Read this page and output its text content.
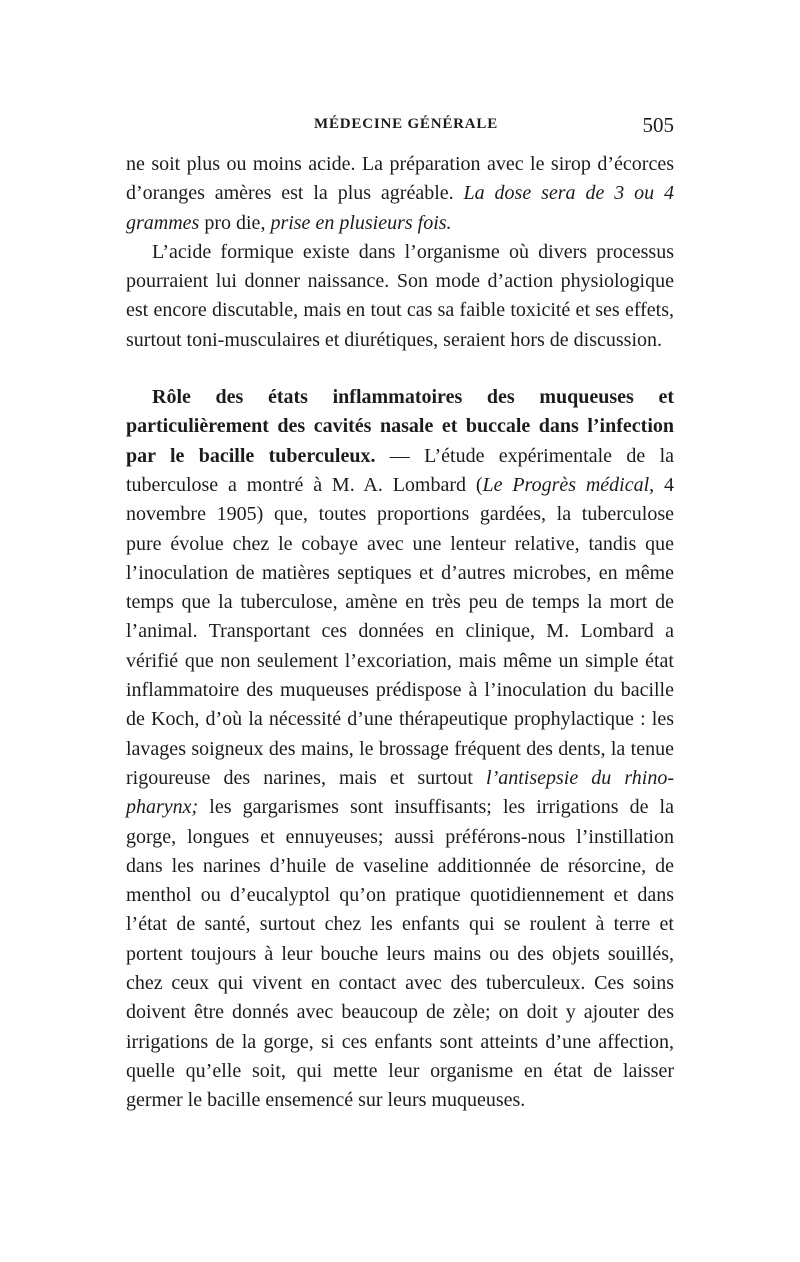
MÉDECINE GÉNÉRALE	505

ne soit plus ou moins acide. La préparation avec le sirop d’écorces d’oranges amères est la plus agréable. La dose sera de 3 ou 4 grammes pro die, prise en plusieurs fois.

L’acide formique existe dans l’organisme où divers processus pourraient lui donner naissance. Son mode d’action physiologique est encore discutable, mais en tout cas sa faible toxicité et ses effets, surtout toni-musculaires et diurétiques, seraient hors de discussion.

Rôle des états inflammatoires des muqueuses et particulièrement des cavités nasale et buccale dans l’infection par le bacille tuberculeux. — L’étude expérimentale de la tuberculose a montré à M. A. Lombard (Le Progrès médical, 4 novembre 1905) que, toutes proportions gardées, la tuberculose pure évolue chez le cobaye avec une lenteur relative, tandis que l’inoculation de matières septiques et d’autres microbes, en même temps que la tuberculose, amène en très peu de temps la mort de l’animal. Transportant ces données en clinique, M. Lombard a vérifié que non seulement l’excoriation, mais même un simple état inflammatoire des muqueuses prédispose à l’inoculation du bacille de Koch, d’où la nécessité d’une thérapeutique prophylactique : les lavages soigneux des mains, le brossage fréquent des dents, la tenue rigoureuse des narines, mais et surtout l’antisepsie du rhino-pharynx; les gargarismes sont insuffisants; les irrigations de la gorge, longues et ennuyeuses; aussi préférons-nous l’instillation dans les narines d’huile de vaseline additionnée de résorcine, de menthol ou d’eucalyptol qu’on pratique quotidiennement et dans l’état de santé, surtout chez les enfants qui se roulent à terre et portent toujours à leur bouche leurs mains ou des objets souillés, chez ceux qui vivent en contact avec des tuberculeux. Ces soins doivent être donnés avec beaucoup de zèle; on doit y ajouter des irrigations de la gorge, si ces enfants sont atteints d’une affection, quelle qu’elle soit, qui mette leur organisme en état de laisser germer le bacille ensemencé sur leurs muqueuses.
